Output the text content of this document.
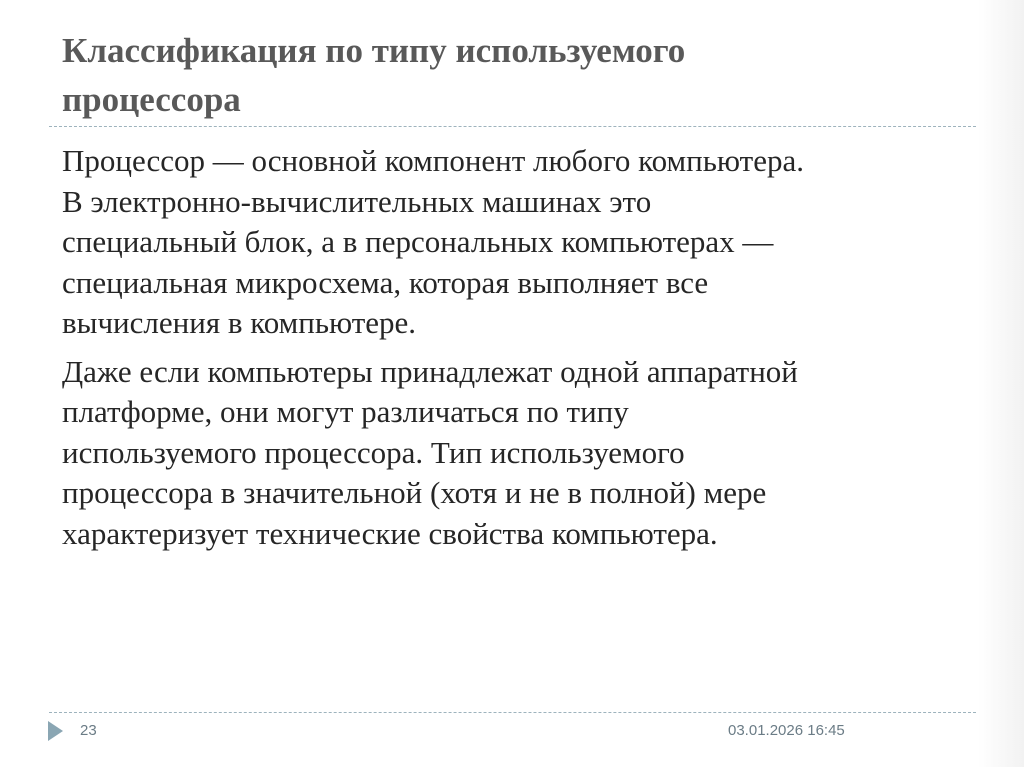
Классификация по типу используемого
процессора

Процессор — основной компонент любого компьютера.
В электронно-вычислительных машинах это
специальный блок, а в персональных компьютерах —
специальная микросхема, которая выполняет все
вычисления в компьютере.

Даже если компьютеры принадлежат одной аппаратной
платформе, они могут различаться по типу
используемого процессора. Тип используемого
процессора в значительной (хотя и не в полной) мере
характеризует технические свойства компьютера.

23	03.01.2026 16:45
